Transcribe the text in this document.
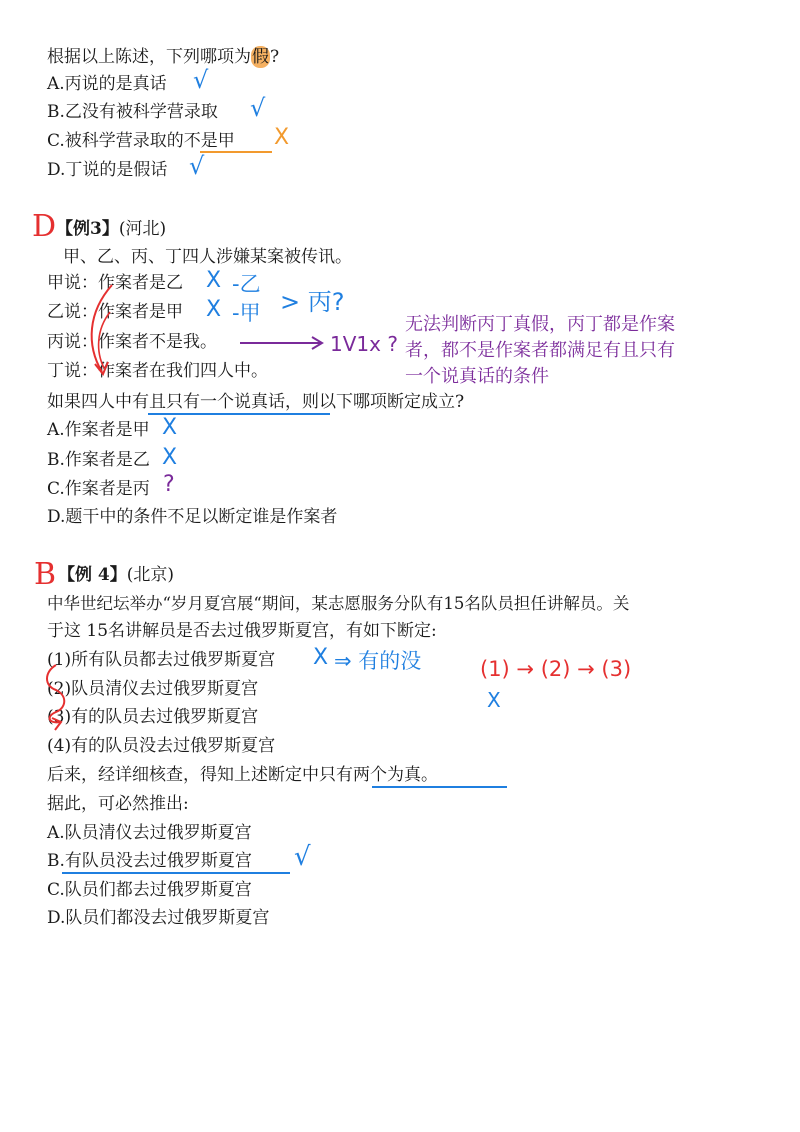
根据以上陈述，下列哪项为假?
A.丙说的是真话 √
B.乙没有被科学营录取 √
C.被科学营录取的不是甲 X
D.丁说的是假话 √
D 【例3】(河北)
甲、乙、丙、丁四人涉嫌某案被传讯。
甲说：作案者是乙 X -乙
乙说：作案者是甲 X -甲 > 丙?
丙说：作案者不是我。	1V1x ?
丁说：作案者在我们四人中。
无法判断丙丁真假，丙丁都是作案
者，都不是作案者都满足有且只有
一个说真话的条件
如果四人中有且只有一个说真话，则以下哪项断定成立?
A.作案者是甲 X
B.作案者是乙 X
C.作案者是丙 ?
D.题干中的条件不足以断定谁是作案者
B 【例 4】(北京)
中华世纪坛举办“岁月夏宫展“期间，某志愿服务分队有15名队员担任讲解员。关
于这 15名讲解员是否去过俄罗斯夏宫，有如下断定:
(1)所有队员都去过俄罗斯夏宫 X ⇒ 有的没	(1) → (2) → (3)
X
(2)队员清仪去过俄罗斯夏宫
(3)有的队员去过俄罗斯夏宫
(4)有的队员没去过俄罗斯夏宫
后来，经详细核查，得知上述断定中只有两个为真。
据此，可必然推出:
A.队员清仪去过俄罗斯夏宫
B.有队员没去过俄罗斯夏宫 √
C.队员们都去过俄罗斯夏宫
D.队员们都没去过俄罗斯夏宫
